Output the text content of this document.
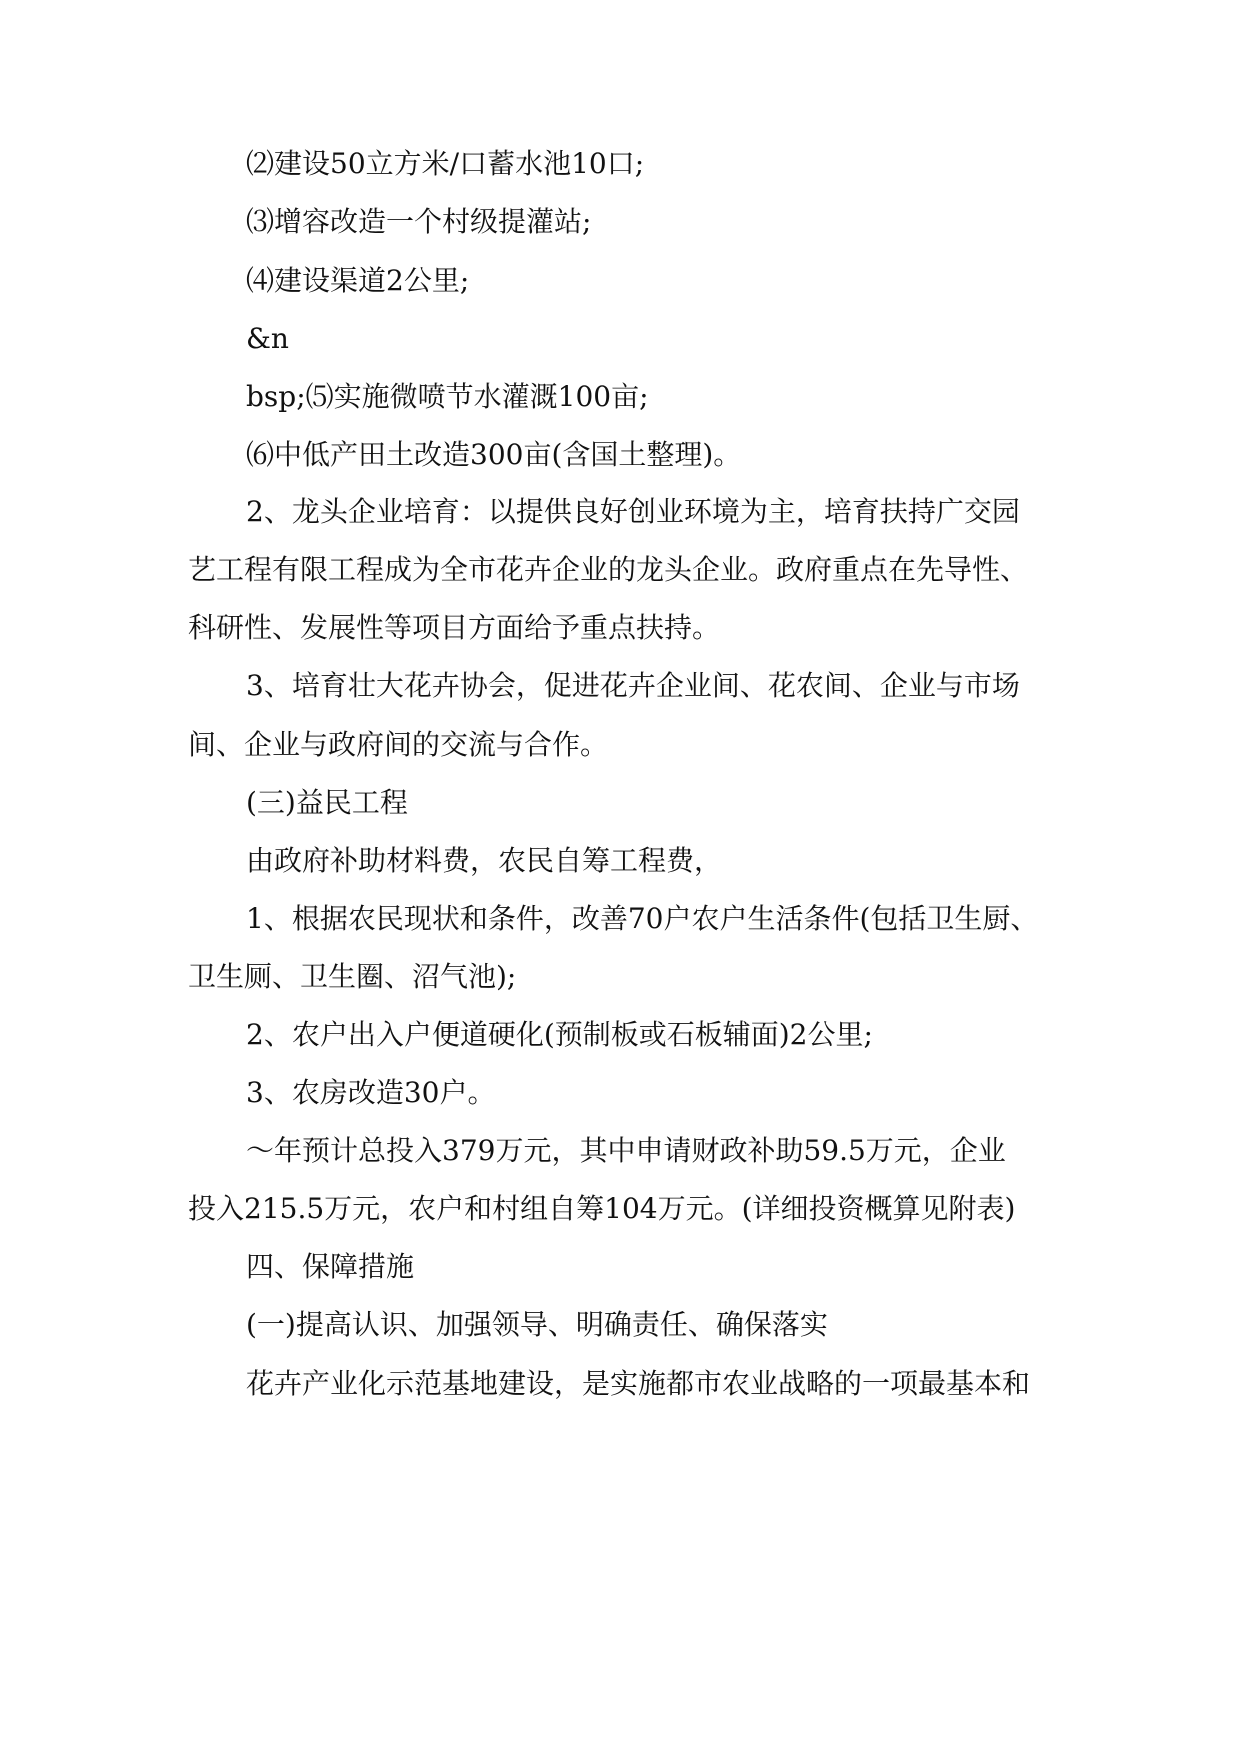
⑵建设50立方米/口蓄水池10口;
⑶增容改造一个村级提灌站;
⑷建设渠道2公里;
&n
bsp;⑸实施微喷节水灌溉100亩;
⑹中低产田土改造300亩(含国土整理)。
2、龙头企业培育：以提供良好创业环境为主，培育扶持广交园
艺工程有限工程成为全市花卉企业的龙头企业。政府重点在先导性、
科研性、发展性等项目方面给予重点扶持。
3、培育壮大花卉协会，促进花卉企业间、花农间、企业与市场
间、企业与政府间的交流与合作。
(三)益民工程
由政府补助材料费，农民自筹工程费，
1、根据农民现状和条件，改善70户农户生活条件(包括卫生厨、
卫生厕、卫生圈、沼气池);
2、农户出入户便道硬化(预制板或石板辅面)2公里;
3、农房改造30户。
～年预计总投入379万元，其中申请财政补助59.5万元，企业
投入215.5万元，农户和村组自筹104万元。(详细投资概算见附表)
四、保障措施
(一)提高认识、加强领导、明确责任、确保落实
花卉产业化示范基地建设，是实施都市农业战略的一项最基本和
